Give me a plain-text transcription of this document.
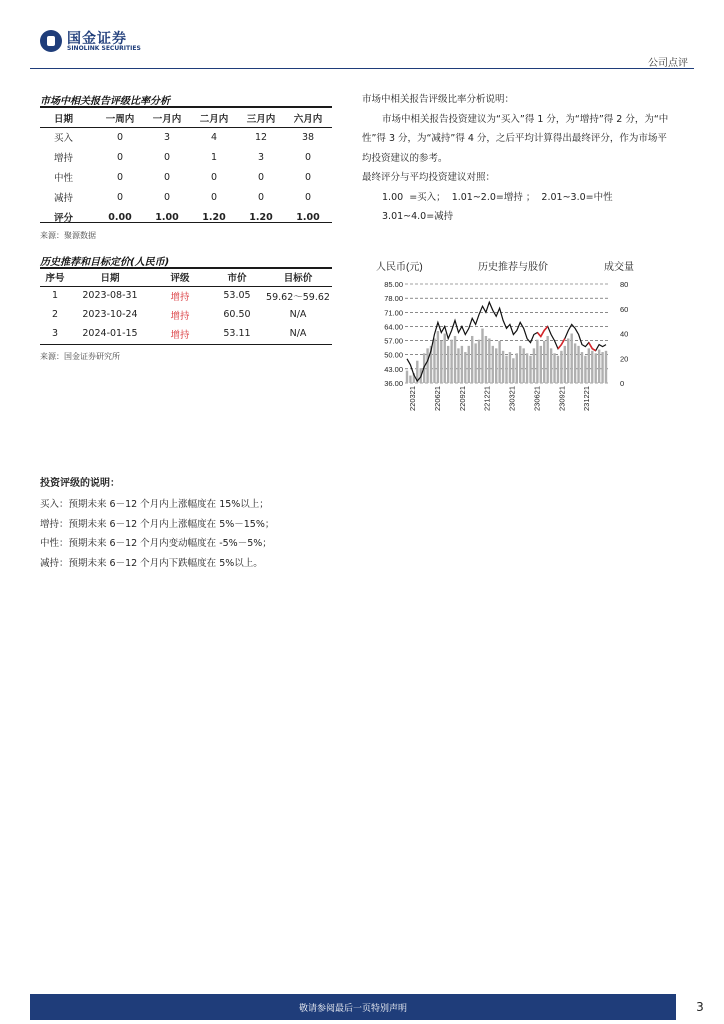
国金证券
SINOLINK SECURITIES
公司点评
市场中相关报告评级比率分析
日期	一周内	一月内	二月内	三月内	六月内
买入	0	3	4	12	38
增持	0	0	1	3	0
中性	0	0	0	0	0
减持	0	0	0	0	0
评分	0.00	1.00	1.20	1.20	1.00
来源：聚源数据
历史推荐和目标定价(人民币)
序号	日期	评级	市价	目标价
1	2023-08-31	增持	53.05	59.62～59.62
2	2023-10-24	增持	60.50	N/A
3	2024-01-15	增持	53.11	N/A
来源：国金证券研究所

市场中相关报告评级比率分析说明：

市场中相关报告投资建议为“买入”得 1 分，为“增持”得 2 分，为“中性”得 3 分，为“减持”得 4 分，之后平均计算得出最终评分，作为市场平均投资建议的参考。

最终评分与平均投资建议对照：

1.00  =买入；  1.01~2.0=增持 ；  2.01~3.0=中性

3.01~4.0=减持

人民币(元)	历史推荐与股价	成交量
85.00
78.00
71.00
64.00
57.00
50.00
43.00
36.00
80
60
40
20
0
220321 220621 220921 221221 230321 230621 230921 231221
投资评级的说明：
买入：预期未来 6－12 个月内上涨幅度在 15%以上；
增持：预期未来 6－12 个月内上涨幅度在 5%－15%；
中性：预期未来 6－12 个月内变动幅度在 -5%－5%；
减持：预期未来 6－12 个月内下跌幅度在 5%以上。
敬请参阅最后一页特别声明	3
